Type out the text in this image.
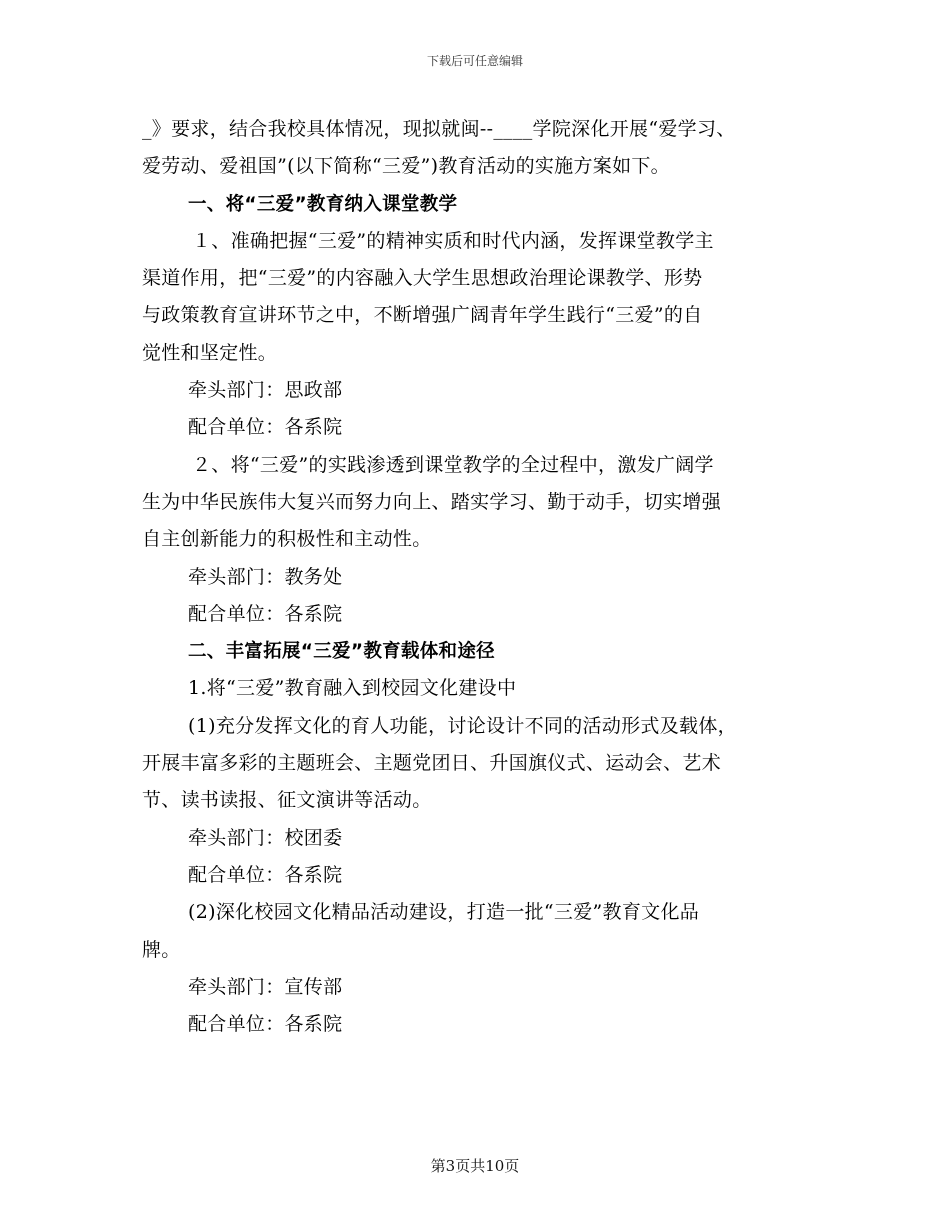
下载后可任意编辑
_》要求，结合我校具体情况，现拟就闽--____学院深化开展“爱学习、
爱劳动、爱祖国”(以下简称“三爱”)教育活动的实施方案如下。
一、将“三爱”教育纳入课堂教学
１、准确把握“三爱”的精神实质和时代内涵，发挥课堂教学主
渠道作用，把“三爱”的内容融入大学生思想政治理论课教学、形势
与政策教育宣讲环节之中，不断增强广阔青年学生践行“三爱”的自
觉性和坚定性。
牵头部门：思政部
配合单位：各系院
２、将“三爱”的实践渗透到课堂教学的全过程中，激发广阔学
生为中华民族伟大复兴而努力向上、踏实学习、勤于动手，切实增强
自主创新能力的积极性和主动性。
牵头部门：教务处
配合单位：各系院
二、丰富拓展“三爱”教育载体和途径
1.将“三爱”教育融入到校园文化建设中
(1)充分发挥文化的育人功能，讨论设计不同的活动形式及载体，
开展丰富多彩的主题班会、主题党团日、升国旗仪式、运动会、艺术
节、读书读报、征文演讲等活动。
牵头部门：校团委
配合单位：各系院
(2)深化校园文化精品活动建设，打造一批“三爱”教育文化品
牌。
牵头部门：宣传部
配合单位：各系院
第3页共10页
